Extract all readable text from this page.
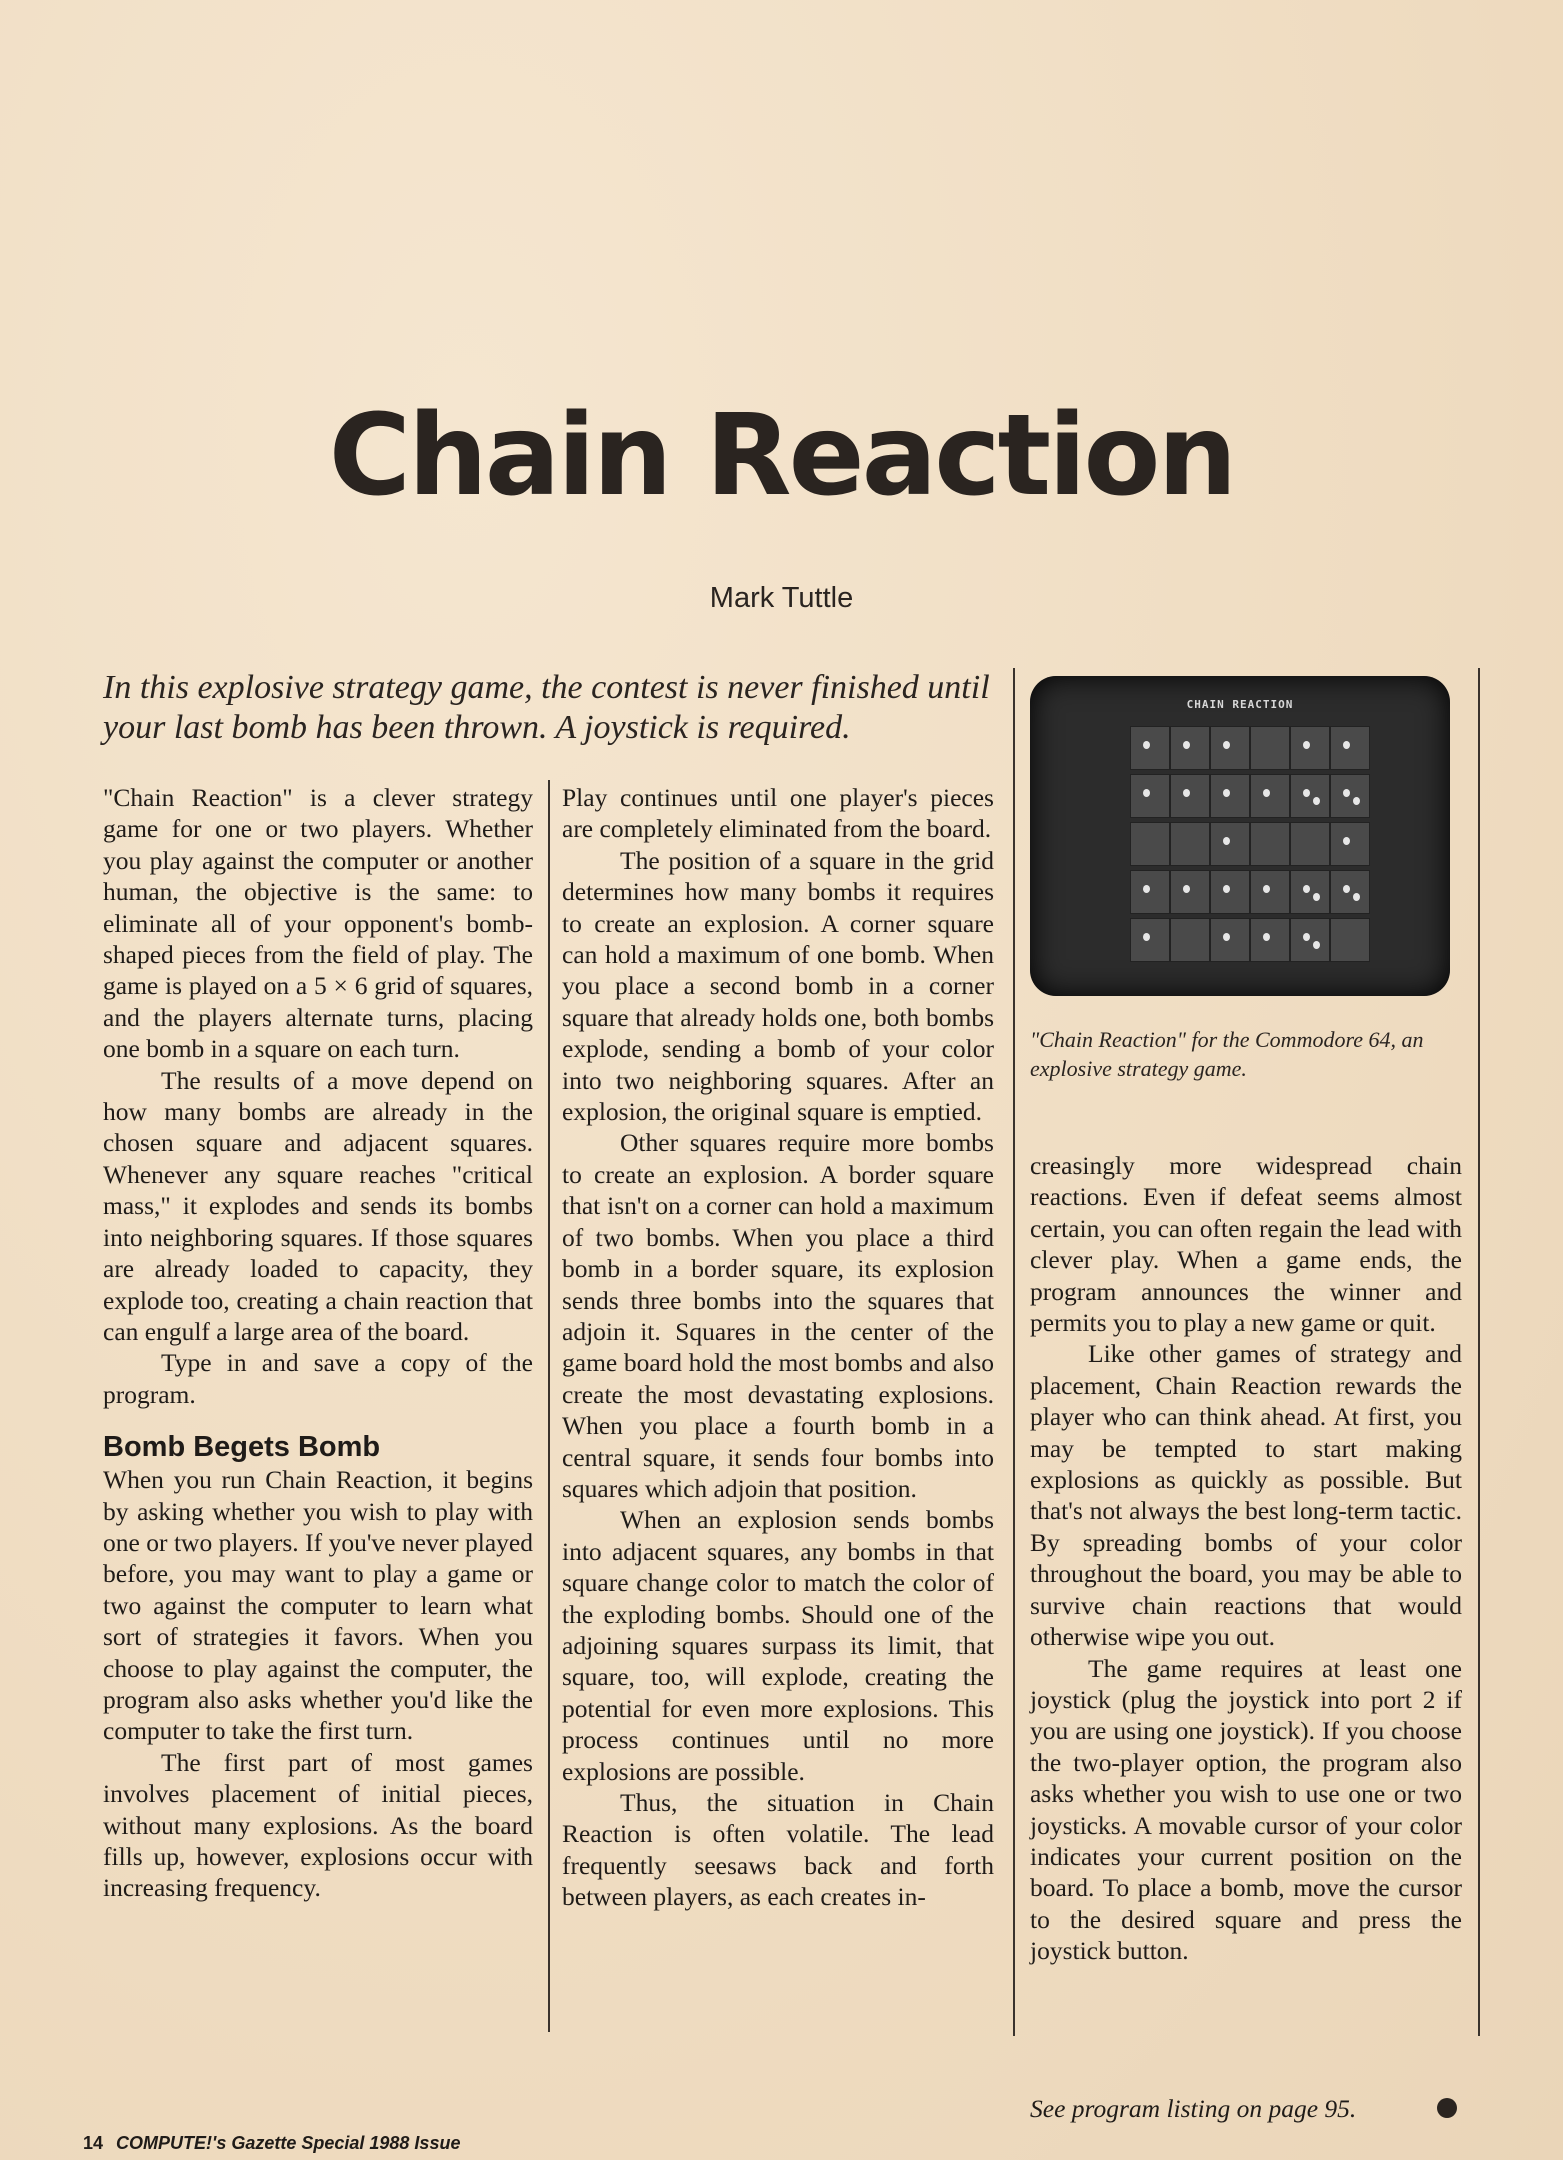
Chain Reaction
Mark Tuttle
In this explosive strategy game, the contest is never finished until your last bomb has been thrown. A joystick is required.

"Chain Reaction" is a clever strategy game for one or two players. Whether you play against the computer or another human, the objective is the same: to eliminate all of your opponent's bomb-shaped pieces from the field of play. The game is played on a 5 × 6 grid of squares, and the players alternate turns, placing one bomb in a square on each turn.

The results of a move depend on how many bombs are already in the chosen square and adjacent squares. Whenever any square reaches "critical mass," it explodes and sends its bombs into neighboring squares. If those squares are already loaded to capacity, they explode too, creating a chain reaction that can engulf a large area of the board.

Type in and save a copy of the program.

Bomb Begets Bomb

When you run Chain Reaction, it begins by asking whether you wish to play with one or two players. If you've never played before, you may want to play a game or two against the computer to learn what sort of strategies it favors. When you choose to play against the computer, the program also asks whether you'd like the computer to take the first turn.

The first part of most games involves placement of initial pieces, without many explosions. As the board fills up, however, explosions occur with increasing frequency.

Play continues until one player's pieces are completely eliminated from the board.

The position of a square in the grid determines how many bombs it requires to create an explosion. A corner square can hold a maximum of one bomb. When you place a second bomb in a corner square that already holds one, both bombs explode, sending a bomb of your color into two neighboring squares. After an explosion, the original square is emptied.

Other squares require more bombs to create an explosion. A border square that isn't on a corner can hold a maximum of two bombs. When you place a third bomb in a border square, its explosion sends three bombs into the squares that adjoin it. Squares in the center of the game board hold the most bombs and also create the most devastating explosions. When you place a fourth bomb in a central square, it sends four bombs into squares which adjoin that position.

When an explosion sends bombs into adjacent squares, any bombs in that square change color to match the color of the exploding bombs. Should one of the adjoining squares surpass its limit, that square, too, will explode, creating the potential for even more explosions. This process continues until no more explosions are possible.

Thus, the situation in Chain Reaction is often volatile. The lead frequently seesaws back and forth between players, as each creates in-

CHAIN REACTION
"Chain Reaction" for the Commodore 64, an explosive strategy game.

creasingly more widespread chain reactions. Even if defeat seems almost certain, you can often regain the lead with clever play. When a game ends, the program announces the winner and permits you to play a new game or quit.

Like other games of strategy and placement, Chain Reaction rewards the player who can think ahead. At first, you may be tempted to start making explosions as quickly as possible. But that's not always the best long-term tactic. By spreading bombs of your color throughout the board, you may be able to survive chain reactions that would otherwise wipe you out.

The game requires at least one joystick (plug the joystick into port 2 if you are using one joystick). If you choose the two-player option, the program also asks whether you wish to use one or two joysticks. A movable cursor of your color indicates your current position on the board. To place a bomb, move the cursor to the desired square and press the joystick button.

See program listing on page 95.
14 COMPUTE!'s Gazette Special 1988 Issue
